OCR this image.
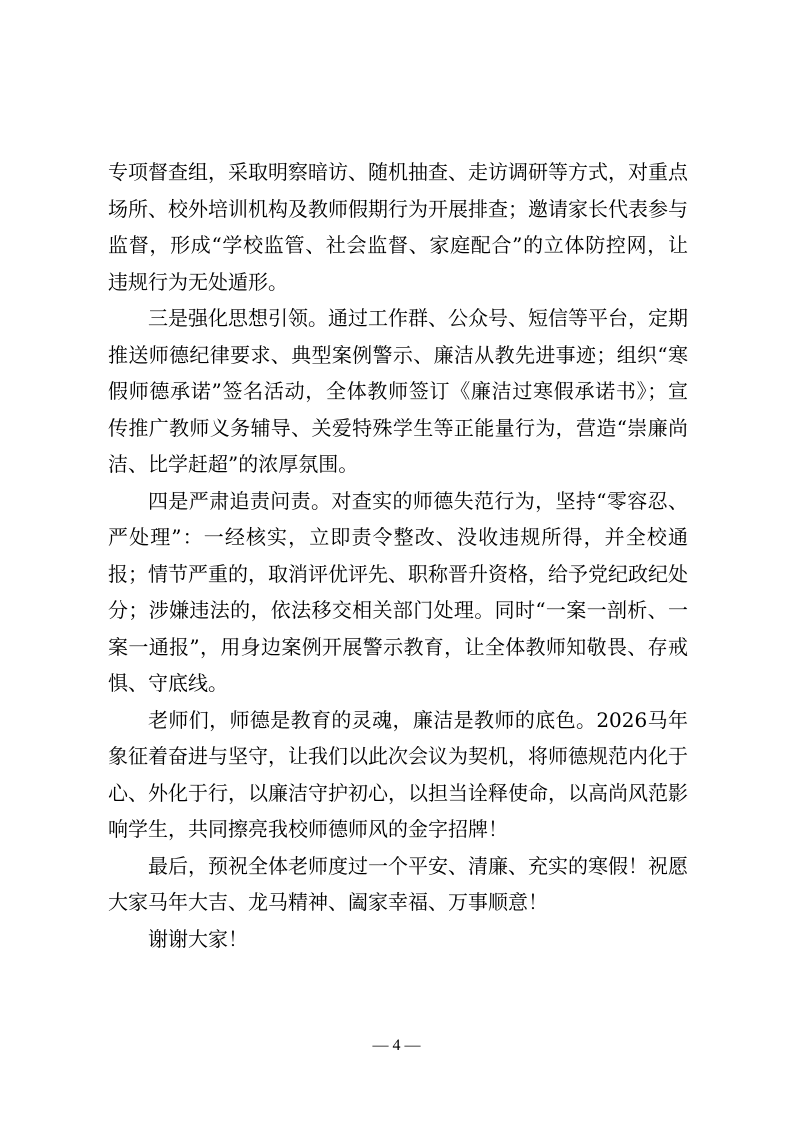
专项督查组，采取明察暗访、随机抽查、走访调研等方式，对重点场所、校外培训机构及教师假期行为开展排查；邀请家长代表参与监督，形成“学校监管、社会监督、家庭配合”的立体防控网，让违规行为无处遁形。

三是强化思想引领。通过工作群、公众号、短信等平台，定期推送师德纪律要求、典型案例警示、廉洁从教先进事迹；组织“寒假师德承诺”签名活动，全体教师签订《廉洁过寒假承诺书》；宣传推广教师义务辅导、关爱特殊学生等正能量行为，营造“崇廉尚洁、比学赶超”的浓厚氛围。

四是严肃追责问责。对查实的师德失范行为，坚持“零容忍、严处理”：一经核实，立即责令整改、没收违规所得，并全校通报；情节严重的，取消评优评先、职称晋升资格，给予党纪政纪处分；涉嫌违法的，依法移交相关部门处理。同时“一案一剖析、一案一通报”，用身边案例开展警示教育，让全体教师知敬畏、存戒惧、守底线。

老师们，师德是教育的灵魂，廉洁是教师的底色。2026马年象征着奋进与坚守，让我们以此次会议为契机，将师德规范内化于心、外化于行，以廉洁守护初心，以担当诠释使命，以高尚风范影响学生，共同擦亮我校师德师风的金字招牌！

最后，预祝全体老师度过一个平安、清廉、充实的寒假！祝愿大家马年大吉、龙马精神、阖家幸福、万事顺意！

谢谢大家！

— 4 —
